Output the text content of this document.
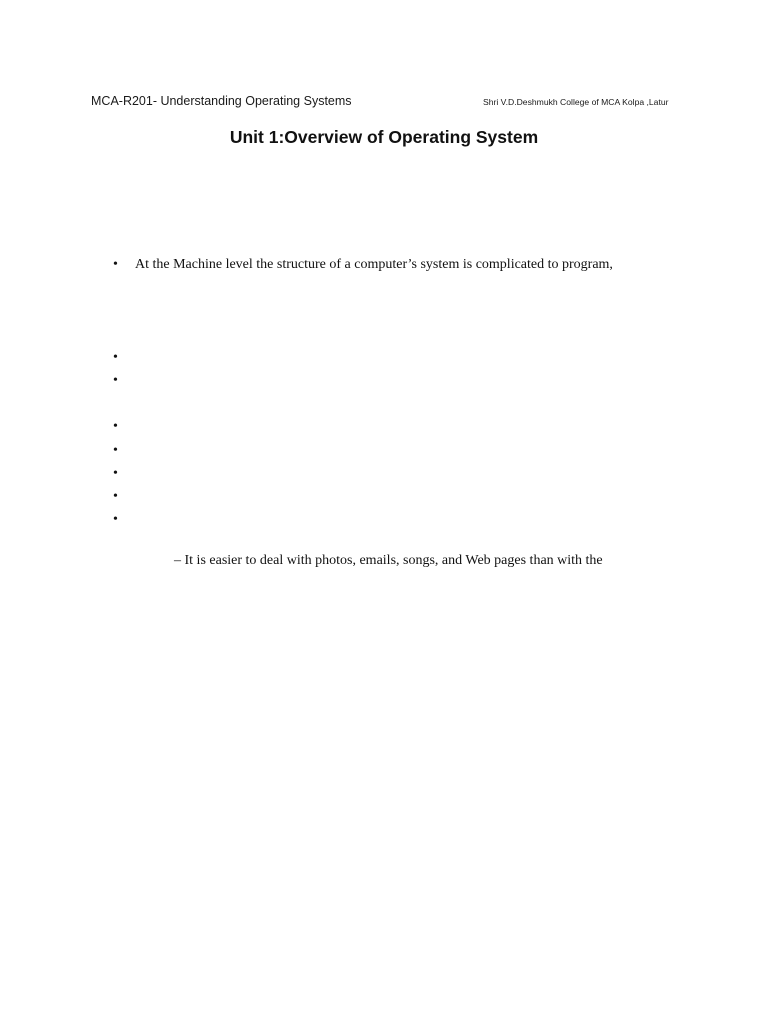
MCA-R201- Understanding Operating Systems	Shri V.D.Deshmukh College of MCA Kolpa ,Latur
Unit 1:Overview of Operating System
• At the Machine level the structure of a computer’s system is complicated to program,
•
•
•
•
•
•
•
– It is easier to deal with photos, emails, songs, and Web pages than with the
